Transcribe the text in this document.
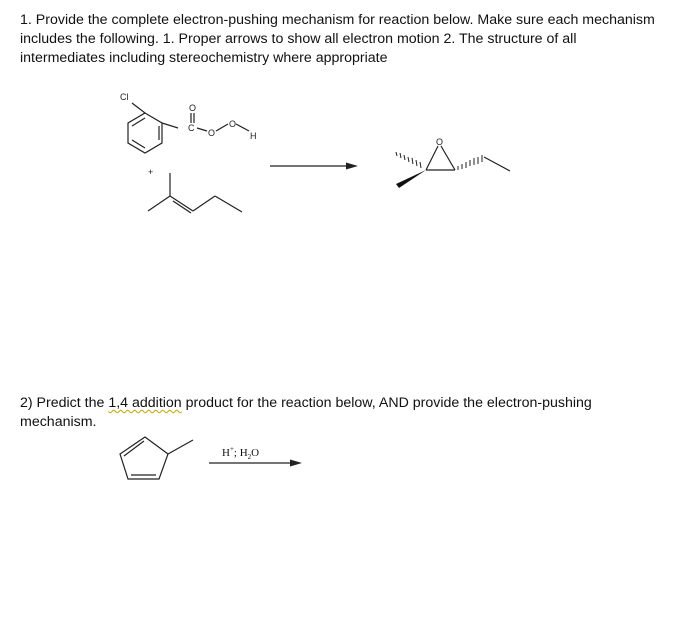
1. Provide the complete electron-pushing mechanism for reaction below. Make sure each mechanism includes the following. 1. Proper arrows to show all electron motion 2. The structure of all intermediates including stereochemistry where appropriate

2) Predict the 1,4 addition product for the reaction below, AND provide the electron-pushing mechanism.

Cl
O
C O
O
H
+
O
H+; $H_2O$
